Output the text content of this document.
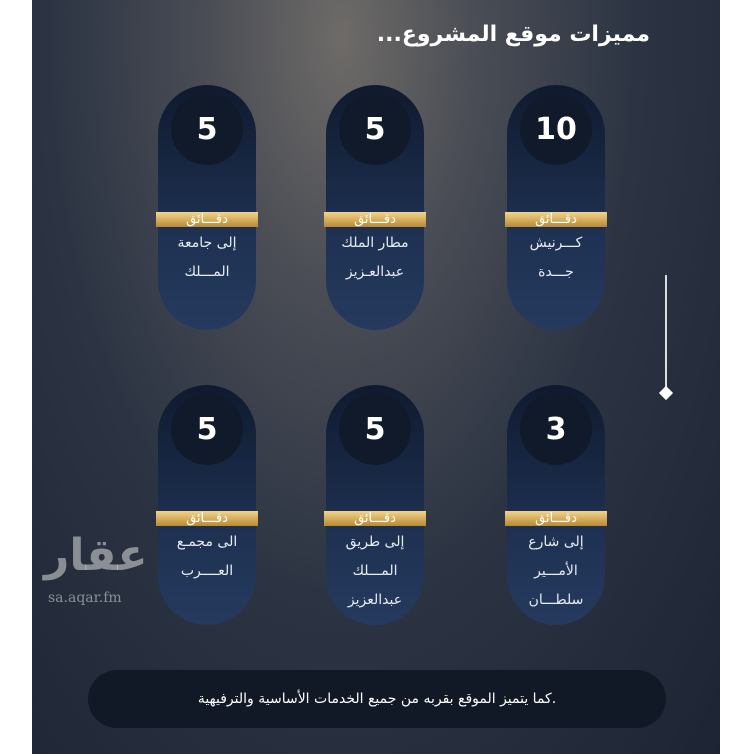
مميزات موقع المشروع...
5
دقـــائق
إلى جامعة
المـــلك
5
دقـــائق
مطار الملك
عبدالعـزيز
10
دقـــائق
كـــرنيش
جـــدة
5
دقـــائق
الى مجمـع
العــــرب
5
دقـــائق
إلى طريق
المـــلك
عبدالعزيز
3
دقـــائق
إلى شارع
الأمـــير
سلطـــان
عقار
sa.aqar.fm
.كما يتميز الموقع بقربه من جميع الخدمات الأساسية والترفيهية
